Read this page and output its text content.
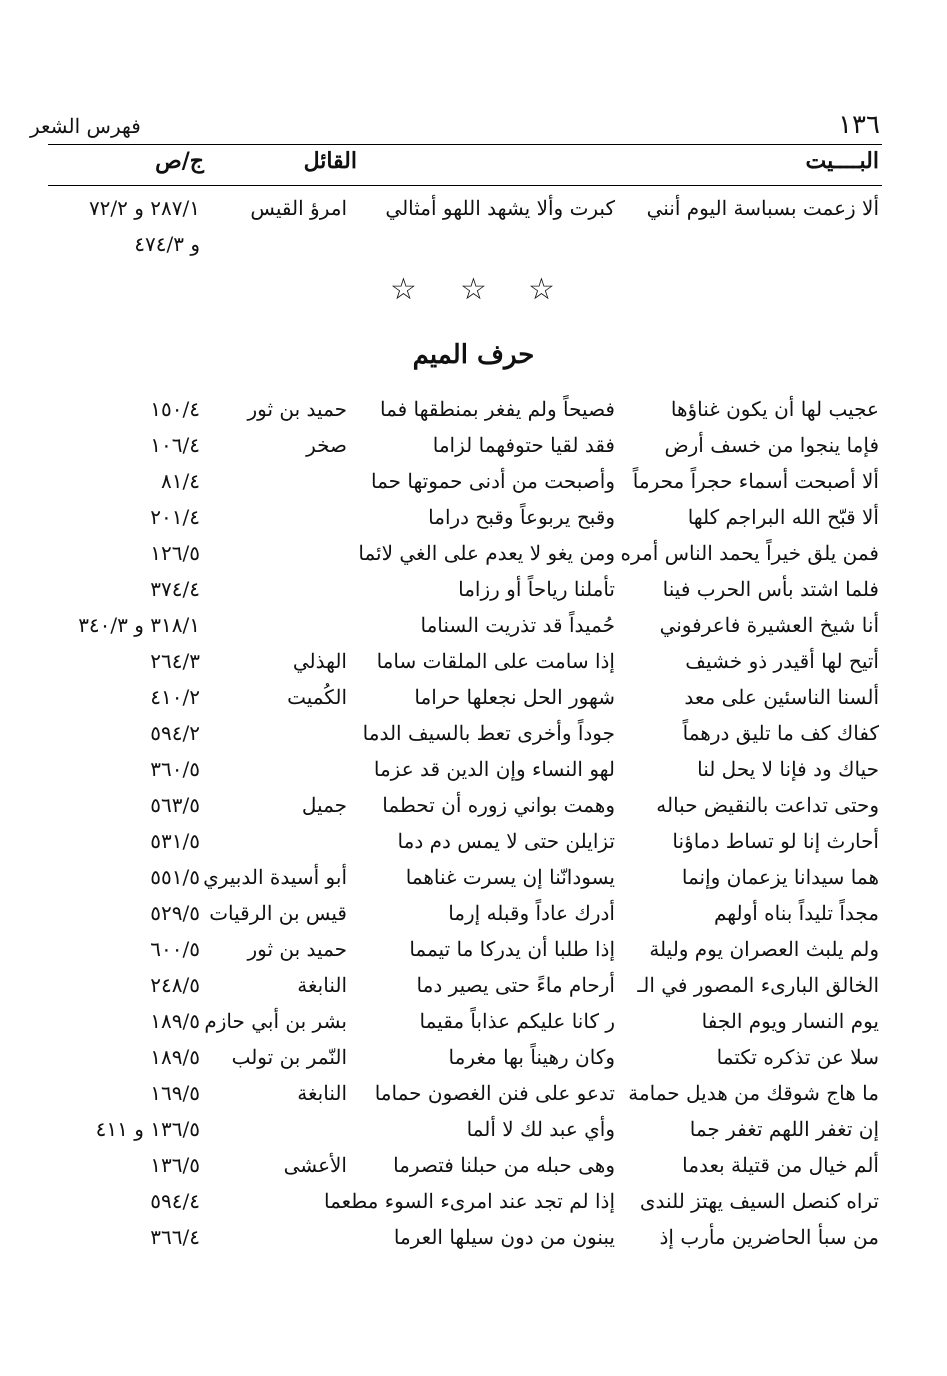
١٣٦
فهرس الشعر
البــــيت
القائل
ج/ص
ألا زعمت بسباسة اليوم أنني
كبرت وألا يشهد اللهو أمثالي
امرؤ القيس
٢٨٧/١ و ٧٢/٢
و ٤٧٤/٣
☆ ☆ ☆
حرف الميم
عجيب لها أن يكون غناؤها
فصيحاً ولم يفغر بمنطقها فما
حميد بن ثور
١٥٠/٤
فإما ينجوا من خسف أرض
فقد لقيا حتوفهما لزاما
صخر
١٠٦/٤
ألا أصبحت أسماء حجراً محرماً
وأصبحت من أدنى حموتها حما
٨١/٤
ألا قبّح الله البراجم كلها
وقبح يربوعاً وقبح دراما
٢٠١/٤
فمن يلق خيراً يحمد الناس أمره
ومن يغو لا يعدم على الغي لائما
١٢٦/٥
فلما اشتد بأس الحرب فينا
تأملنا رياحاً أو رزاما
٣٧٤/٤
أنا شيخ العشيرة فاعرفوني
حُميداً قد تذريت السناما
٣١٨/١ و ٣٤٠/٣
أتيح لها أقيدر ذو خشيف
إذا سامت على الملقات ساما
الهذلي
٢٦٤/٣
ألسنا الناسئين على معد
شهور الحل نجعلها حراما
الكُميت
٤١٠/٢
كفاك كف ما تليق درهماً
جوداً وأخرى تعط بالسيف الدما
٥٩٤/٢
حياك ود فإنا لا يحل لنا
لهو النساء وإن الدين قد عزما
٣٦٠/٥
وحتى تداعت بالنقيض حباله
وهمت بواني زوره أن تحطما
جميل
٥٦٣/٥
أحارث إنا لو تساط دماؤنا
تزايلن حتى لا يمس دم دما
٥٣١/٥
هما سيدانا يزعمان وإنما
يسودانّنا إن يسرت غناهما
أبو أسيدة الدبيري
٥٥١/٥
مجداً تليداً بناه أولهم
أدرك عاداً وقبله إرما
قيس بن الرقيات
٥٢٩/٥
ولم يلبث العصران يوم وليلة
إذا طلبا أن يدركا ما تيمما
حميد بن ثور
٦٠٠/٥
الخالق البارىء المصور في الـ
أرحام ماءً حتى يصير دما
النابغة
٢٤٨/٥
يوم النسار ويوم الجفا
ر كانا عليكم عذاباً مقيما
بشر بن أبي حازم
١٨٩/٥
سلا عن تذكره تكتما
وكان رهيناً بها مغرما
النّمر بن تولب
١٨٩/٥
ما هاج شوقك من هديل حمامة
تدعو على فنن الغصون حماما
النابغة
١٦٩/٥
إن تغفر اللهم تغفر جما
وأي عبد لك لا ألما
١٣٦/٥ و ٤١١
ألم خيال من قتيلة بعدما
وهى حبله من حبلنا فتصرما
الأعشى
١٣٦/٥
تراه كنصل السيف يهتز للندى
إذا لم تجد عند امرىء السوء مطعما
٥٩٤/٤
من سبأ الحاضرين مأرب إذ
يبنون من دون سيلها العرما
٣٦٦/٤
